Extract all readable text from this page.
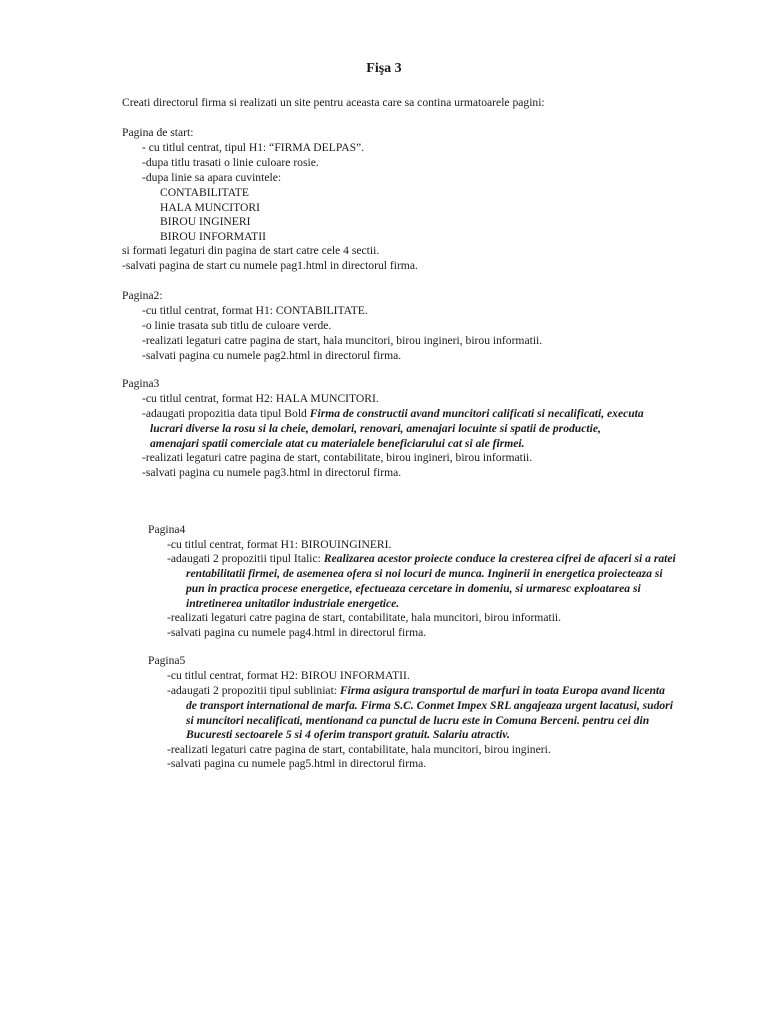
Fişa 3
Creati directorul firma si realizati un site pentru aceasta care sa contina urmatoarele pagini:
Pagina de start:
- cu titlul centrat, tipul H1: “FIRMA DELPAS”.
-dupa titlu trasati o linie culoare rosie.
-dupa linie sa apara cuvintele:
CONTABILITATE
HALA MUNCITORI
BIROU INGINERI
BIROU INFORMATII
si formati legaturi din pagina de start catre cele 4 sectii.
-salvati pagina de start cu numele pag1.html in directorul firma.
Pagina2:
-cu titlul centrat, format H1: CONTABILITATE.
-o linie trasata sub titlu de culoare verde.
-realizati legaturi catre pagina de start, hala muncitori, birou ingineri, birou informatii.
-salvati pagina cu numele pag2.html in directorul firma.
Pagina3
-cu titlul centrat, format H2: HALA MUNCITORI.
-adaugati propozitia data tipul Bold Firma de constructii avand muncitori calificati si necalificati, executa
lucrari diverse la rosu si la cheie, demolari, renovari, amenajari locuinte si spatii de productie,
amenajari spatii comerciale atat cu materialele beneficiarului cat si ale firmei.
-realizati legaturi catre pagina de start, contabilitate, birou ingineri, birou informatii.
-salvati pagina cu numele pag3.html in directorul firma.
Pagina4
-cu titlul centrat, format H1: BIROUINGINERI.
-adaugati 2 propozitii tipul Italic: Realizarea acestor proiecte conduce la cresterea cifrei de afaceri si a ratei
rentabilitatii firmei, de asemenea ofera si noi locuri de munca. Inginerii in energetica proiecteaza si
pun in practica procese energetice, efectueaza cercetare in domeniu, si urmaresc exploatarea si
intretinerea unitatilor industriale energetice.
-realizati legaturi catre pagina de start, contabilitate, hala muncitori, birou informatii.
-salvati pagina cu numele pag4.html in directorul firma.
Pagina5
-cu titlul centrat, format H2: BIROU INFORMATII.
-adaugati 2 propozitii tipul subliniat: Firma asigura transportul de marfuri in toata Europa avand licenta
de transport international de marfa. Firma S.C. Conmet Impex SRL angajeaza urgent lacatusi, sudori
si muncitori necalificati, mentionand ca punctul de lucru este in Comuna Berceni. pentru cei din
Bucuresti sectoarele 5 si 4 oferim transport gratuit. Salariu atractiv.
-realizati legaturi catre pagina de start, contabilitate, hala muncitori, birou ingineri.
-salvati pagina cu numele pag5.html in directorul firma.
